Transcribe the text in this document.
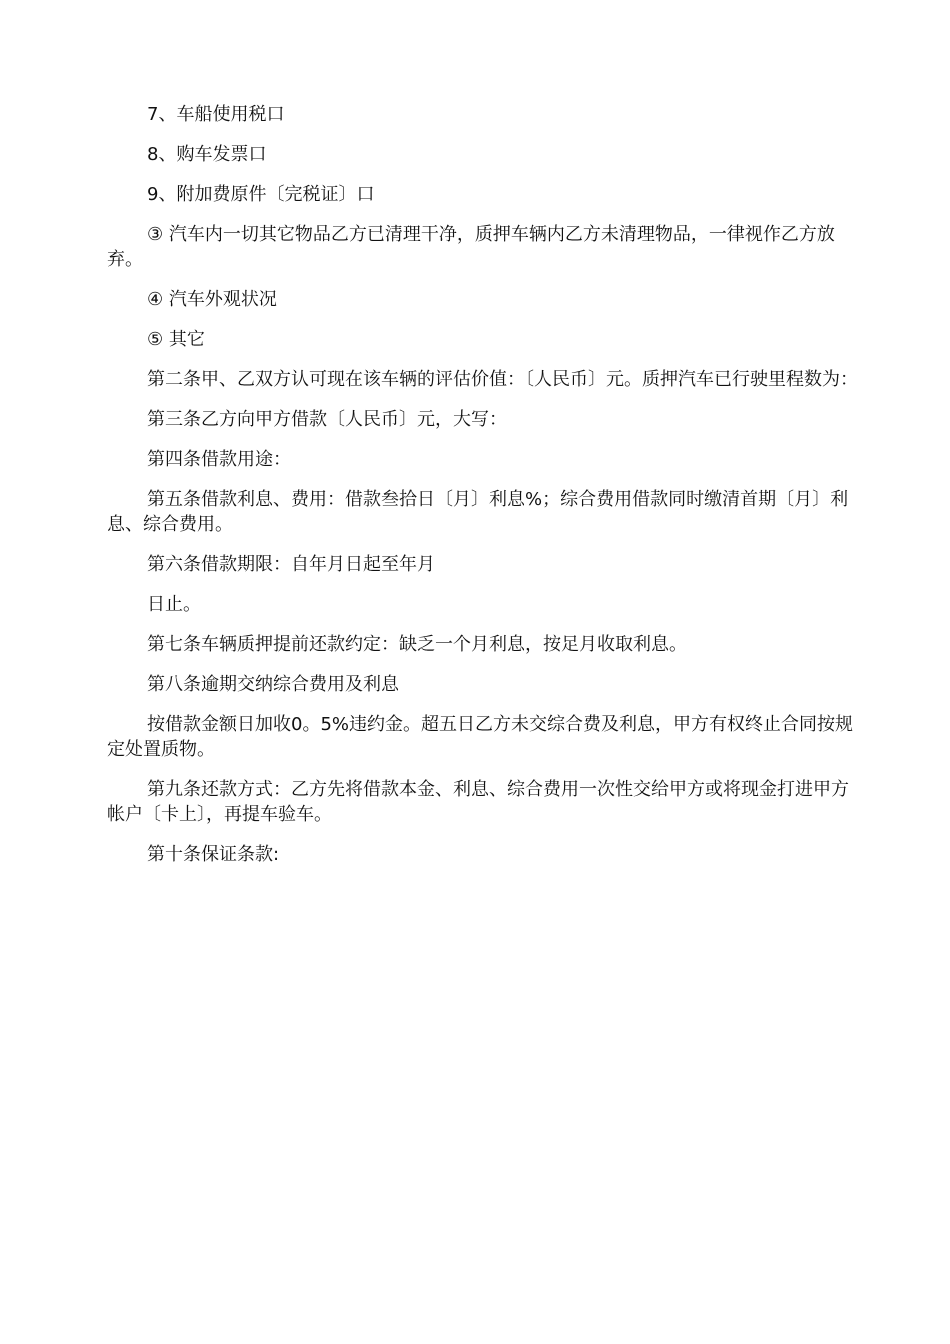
7、车船使用税口

8、购车发票口

9、附加费原件〔完税证〕口

③ 汽车内一切其它物品乙方已清理干净，质押车辆内乙方未清理物品，一律视作乙方放弃。

④ 汽车外观状况

⑤ 其它

第二条甲、乙双方认可现在该车辆的评估价值：〔人民币〕元。质押汽车已行驶里程数为：

第三条乙方向甲方借款〔人民币〕元，大写：

第四条借款用途：

第五条借款利息、费用：借款叁拾日〔月〕利息%；综合费用借款同时缴清首期〔月〕利息、综合费用。

第六条借款期限：自年月日起至年月

日止。

第七条车辆质押提前还款约定：缺乏一个月利息，按足月收取利息。

第八条逾期交纳综合费用及利息

按借款金额日加收0。5%违约金。超五日乙方未交综合费及利息，甲方有权终止合同按规定处置质物。

第九条还款方式：乙方先将借款本金、利息、综合费用一次性交给甲方或将现金打进甲方帐户〔卡上〕，再提车验车。

第十条保证条款:
